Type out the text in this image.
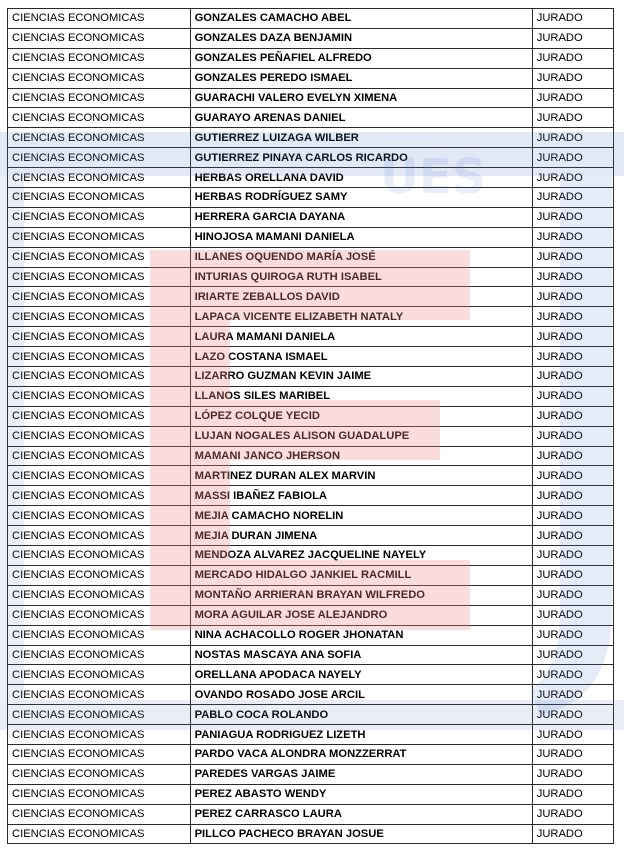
CIENCIAS ECONOMICAS	GONZALES CAMACHO ABEL	JURADO
CIENCIAS ECONOMICAS	GONZALES DAZA BENJAMIN	JURADO
CIENCIAS ECONOMICAS	GONZALES PEÑAFIEL ALFREDO	JURADO
CIENCIAS ECONOMICAS	GONZALES PEREDO ISMAEL	JURADO
CIENCIAS ECONOMICAS	GUARACHI VALERO EVELYN XIMENA	JURADO
CIENCIAS ECONOMICAS	GUARAYO ARENAS DANIEL	JURADO
CIENCIAS ECONOMICAS	GUTIERREZ LUIZAGA WILBER	JURADO
CIENCIAS ECONOMICAS	GUTIERREZ PINAYA CARLOS RICARDO	JURADO
CIENCIAS ECONOMICAS	HERBAS ORELLANA DAVID	JURADO
CIENCIAS ECONOMICAS	HERBAS RODRÍGUEZ SAMY	JURADO
CIENCIAS ECONOMICAS	HERRERA GARCIA DAYANA	JURADO
CIENCIAS ECONOMICAS	HINOJOSA MAMANI DANIELA	JURADO
CIENCIAS ECONOMICAS	ILLANES OQUENDO MARÍA JOSÉ	JURADO
CIENCIAS ECONOMICAS	INTURIAS QUIROGA RUTH ISABEL	JURADO
CIENCIAS ECONOMICAS	IRIARTE ZEBALLOS DAVID	JURADO
CIENCIAS ECONOMICAS	LAPACA VICENTE ELIZABETH NATALY	JURADO
CIENCIAS ECONOMICAS	LAURA MAMANI DANIELA	JURADO
CIENCIAS ECONOMICAS	LAZO COSTANA ISMAEL	JURADO
CIENCIAS ECONOMICAS	LIZARRO GUZMAN KEVIN JAIME	JURADO
CIENCIAS ECONOMICAS	LLANOS SILES MARIBEL	JURADO
CIENCIAS ECONOMICAS	LÓPEZ COLQUE YECID	JURADO
CIENCIAS ECONOMICAS	LUJAN NOGALES ALISON GUADALUPE	JURADO
CIENCIAS ECONOMICAS	MAMANI JANCO JHERSON	JURADO
CIENCIAS ECONOMICAS	MARTINEZ DURAN ALEX MARVIN	JURADO
CIENCIAS ECONOMICAS	MASSI IBAÑEZ FABIOLA	JURADO
CIENCIAS ECONOMICAS	MEJIA CAMACHO NORELIN	JURADO
CIENCIAS ECONOMICAS	MEJIA DURAN JIMENA	JURADO
CIENCIAS ECONOMICAS	MENDOZA ALVAREZ JACQUELINE NAYELY	JURADO
CIENCIAS ECONOMICAS	MERCADO HIDALGO JANKIEL RACMILL	JURADO
CIENCIAS ECONOMICAS	MONTAÑO ARRIERAN BRAYAN WILFREDO	JURADO
CIENCIAS ECONOMICAS	MORA AGUILAR JOSE ALEJANDRO	JURADO
CIENCIAS ECONOMICAS	NINA ACHACOLLO ROGER JHONATAN	JURADO
CIENCIAS ECONOMICAS	NOSTAS MASCAYA ANA SOFIA	JURADO
CIENCIAS ECONOMICAS	ORELLANA APODACA NAYELY	JURADO
CIENCIAS ECONOMICAS	OVANDO ROSADO JOSE ARCIL	JURADO
CIENCIAS ECONOMICAS	PABLO COCA ROLANDO	JURADO
CIENCIAS ECONOMICAS	PANIAGUA RODRIGUEZ LIZETH	JURADO
CIENCIAS ECONOMICAS	PARDO VACA ALONDRA MONZZERRAT	JURADO
CIENCIAS ECONOMICAS	PAREDES VARGAS JAIME	JURADO
CIENCIAS ECONOMICAS	PEREZ ABASTO WENDY	JURADO
CIENCIAS ECONOMICAS	PEREZ CARRASCO LAURA	JURADO
CIENCIAS ECONOMICAS	PILLCO PACHECO BRAYAN JOSUE	JURADO
UES
